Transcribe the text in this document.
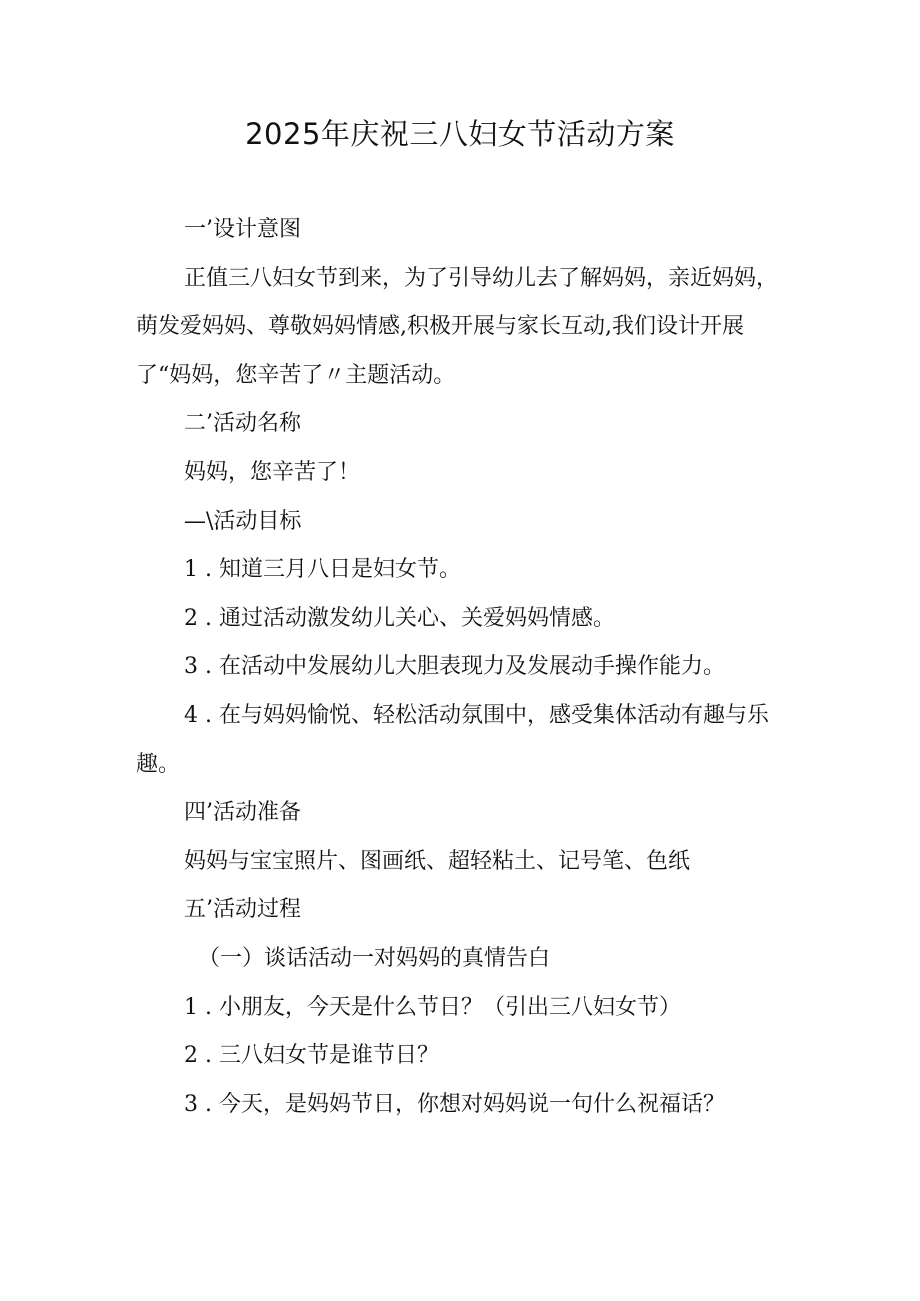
2025年庆祝三八妇女节活动方案
一’设计意图
正值三八妇女节到来，为了引导幼儿去了解妈妈，亲近妈妈，
萌发爱妈妈、尊敬妈妈情感,积极开展与家长互动,我们设计开展
了“妈妈，您辛苦了〃主题活动。
二’活动名称
妈妈，您辛苦了！
—\活动目标
1 . 知道三月八日是妇女节。
2 . 通过活动激发幼儿关心、关爱妈妈情感。
3 . 在活动中发展幼儿大胆表现力及发展动手操作能力。
4 . 在与妈妈愉悦、轻松活动氛围中，感受集体活动有趣与乐
趣。
四’活动准备
妈妈与宝宝照片、图画纸、超轻粘土、记号笔、色纸
五’活动过程
（一）谈话活动一对妈妈的真情告白
1 . 小朋友，今天是什么节日？（引出三八妇女节）
2 . 三八妇女节是谁节日？
3 . 今天，是妈妈节日，你想对妈妈说一句什么祝福话？
